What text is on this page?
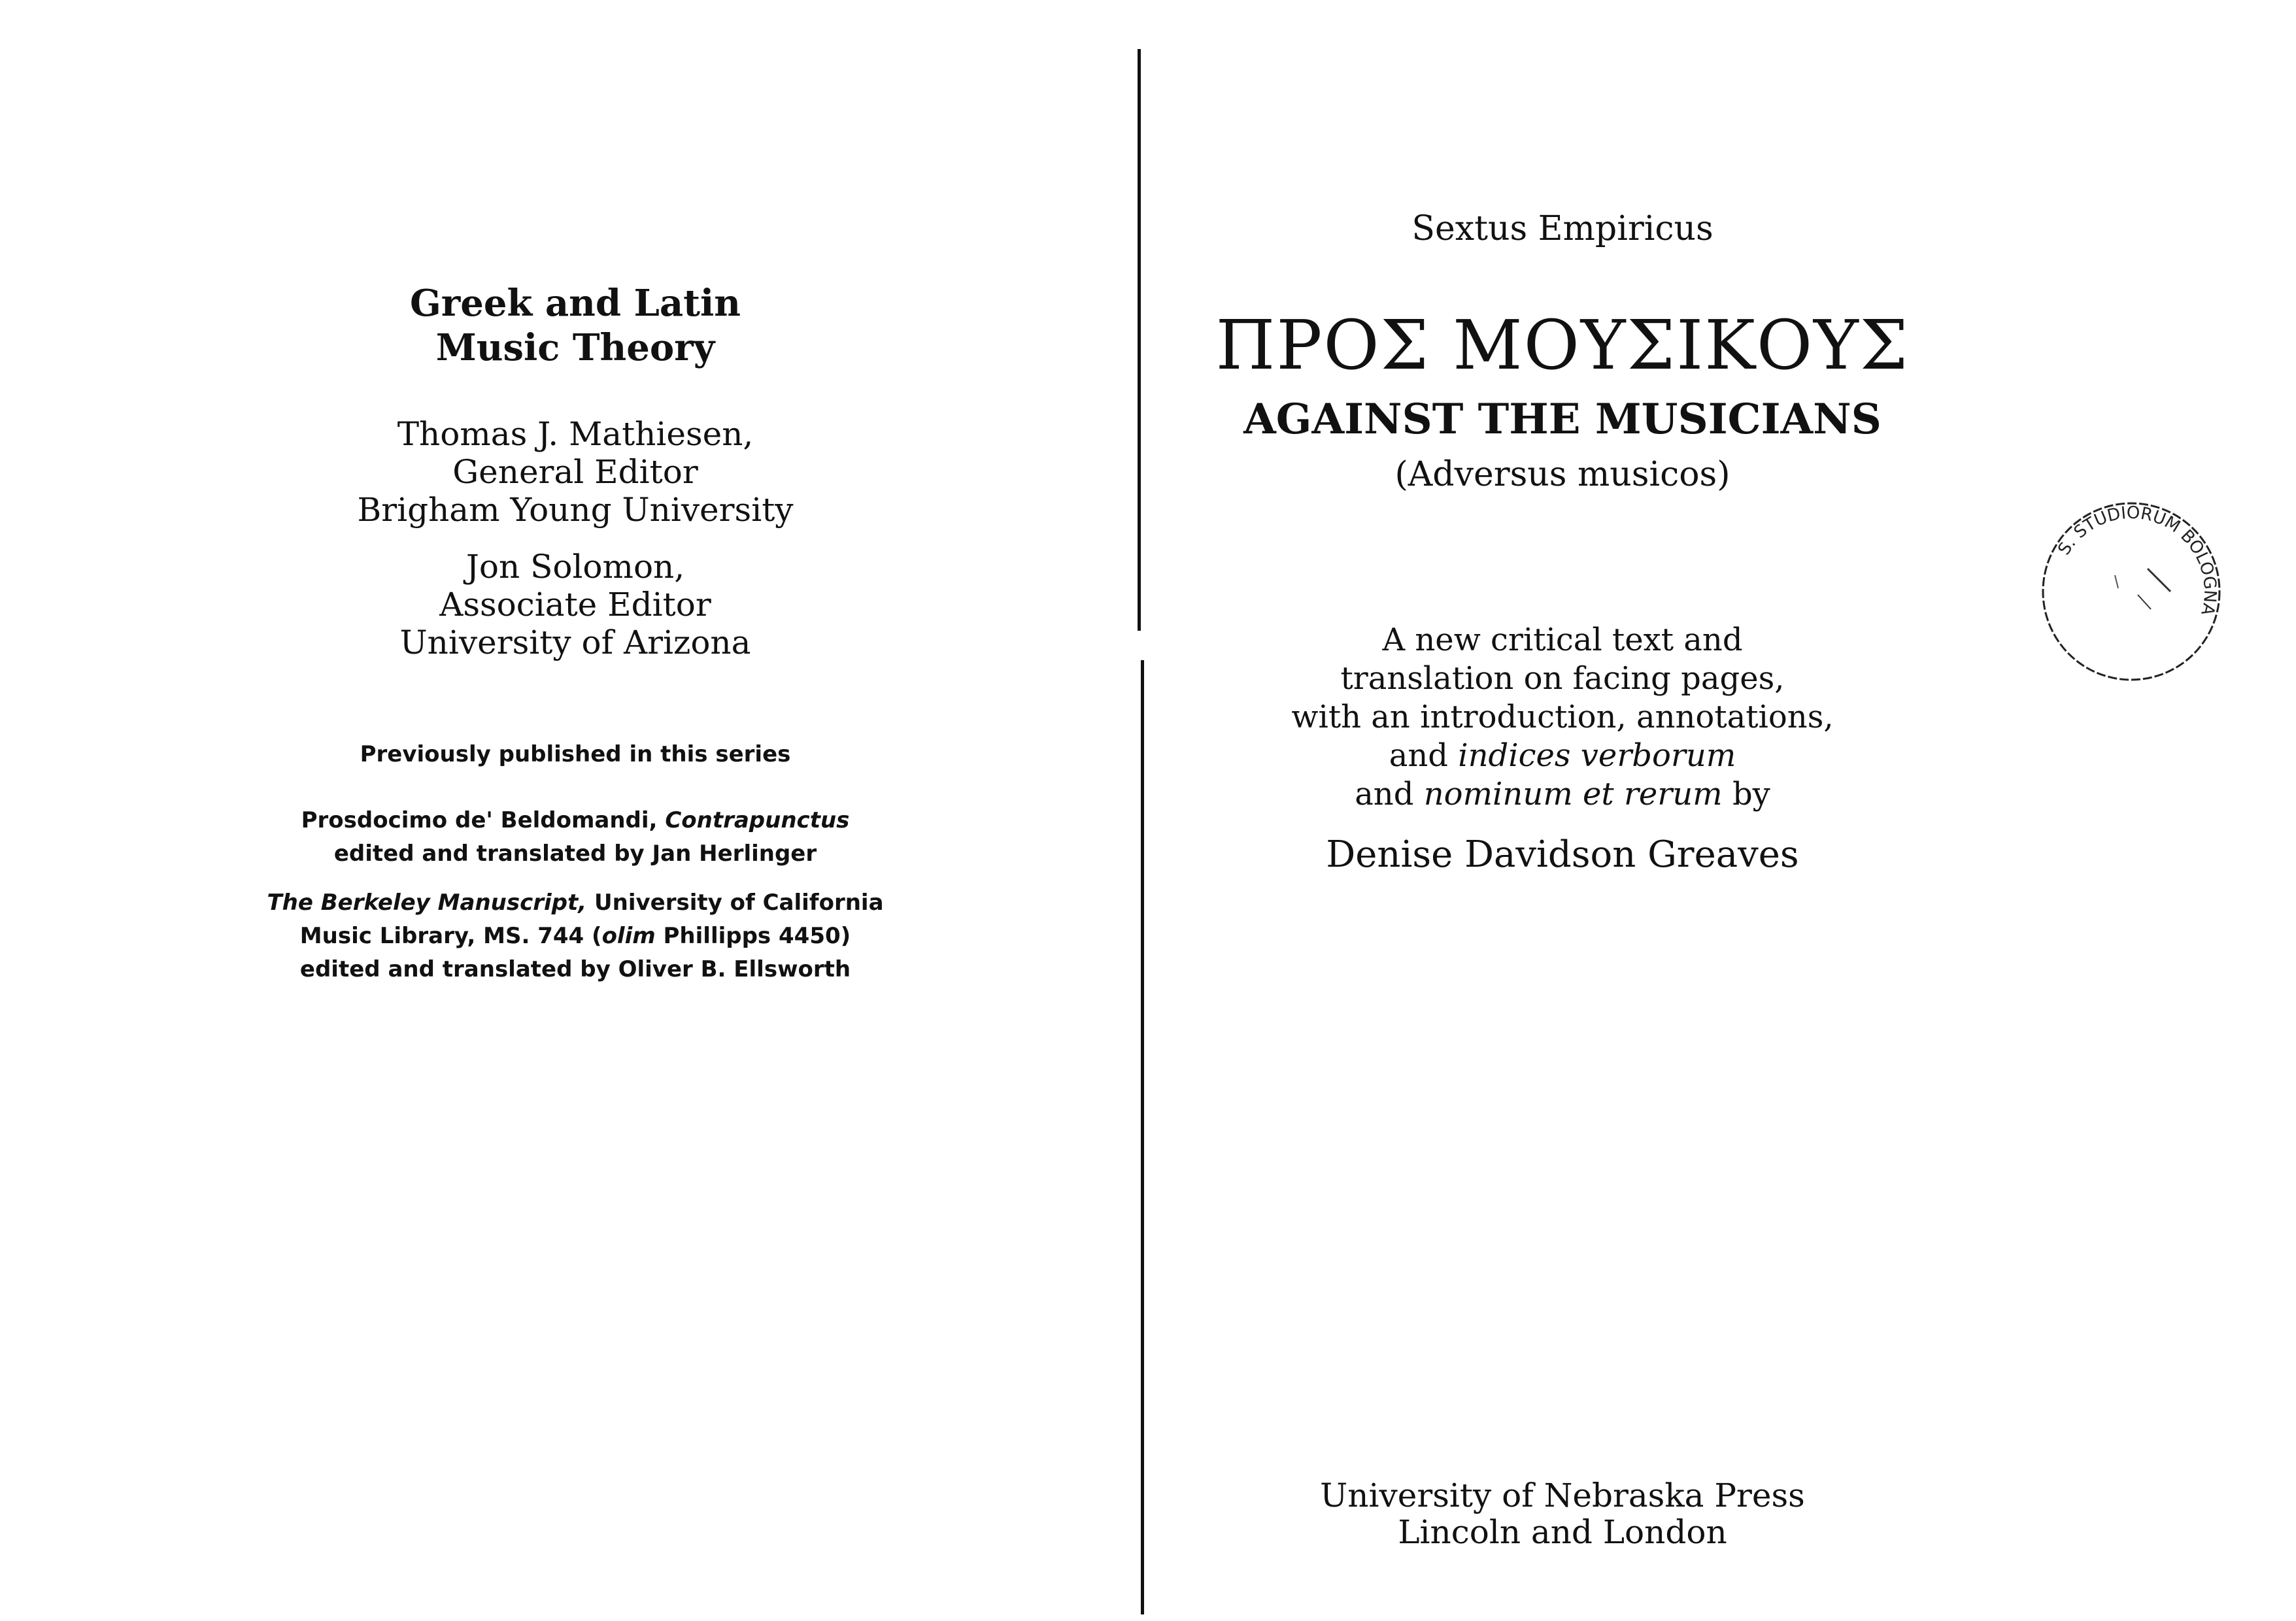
Greek and Latin
Music Theory
Thomas J. Mathiesen,
General Editor
Brigham Young University
Jon Solomon,
Associate Editor
University of Arizona
Previously published in this series
Prosdocimo de' Beldomandi, Contrapunctus
edited and translated by Jan Herlinger
The Berkeley Manuscript, University of California
Music Library, MS. 744 (olim Phillipps 4450)
edited and translated by Oliver B. Ellsworth
Sextus Empiricus
ΠΡΟΣ ΜΟΥΣΙΚΟΥΣ
AGAINST THE MUSICIANS
(Adversus musicos)
A new critical text and
translation on facing pages,
with an introduction, annotations,
and indices verborum
and nominum et rerum by
Denise Davidson Greaves
University of Nebraska Press
Lincoln and London
S. STUDIORUM BOLOGNA
